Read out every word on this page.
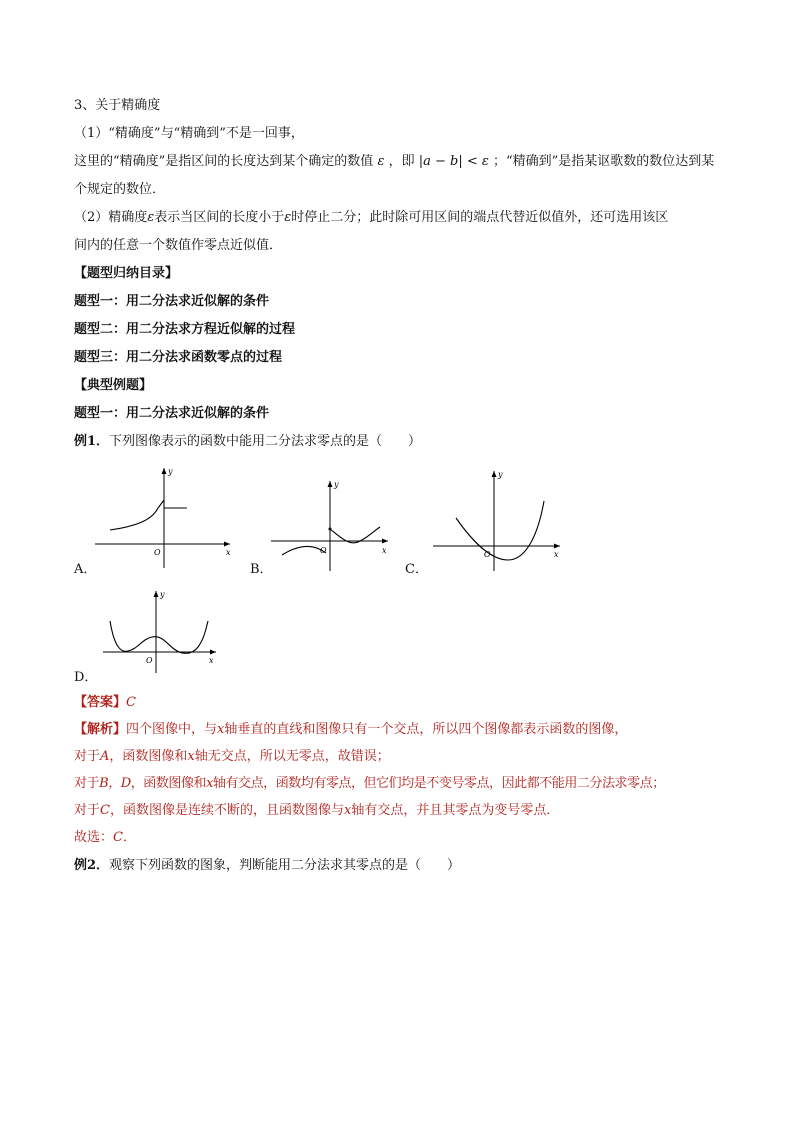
3、关于精确度
（1）“精确度”与“精确到”不是一回事，
这里的“精确度”是指区间的长度达到某个确定的数值 ε ，即 |a − b| < ε ；“精确到”是指某讴歌数的数位达到某
个规定的数位．
（2）精确度ε表示当区间的长度小于ε时停止二分；此时除可用区间的端点代替近似值外，还可选用该区
间内的任意一个数值作零点近似值．
【题型归纳目录】
题型一：用二分法求近似解的条件
题型二：用二分法求方程近似解的过程
题型三：用二分法求函数零点的过程
【典型例题】
题型一：用二分法求近似解的条件
例1．下列图像表示的函数中能用二分法求零点的是（　　）
y
x
O
A．
y
x
O
B．
y
x
O
C．
y
x
O
D．
【答案】C
【解析】四个图像中，与x轴垂直的直线和图像只有一个交点，所以四个图像都表示函数的图像，
对于A，函数图像和x轴无交点，所以无零点，故错误；
对于B，D，函数图像和x轴有交点，函数均有零点，但它们均是不变号零点，因此都不能用二分法求零点；
对于C，函数图像是连续不断的，且函数图像与x轴有交点，并且其零点为变号零点．
故选：C．
例2．观察下列函数的图象，判断能用二分法求其零点的是（　　）
